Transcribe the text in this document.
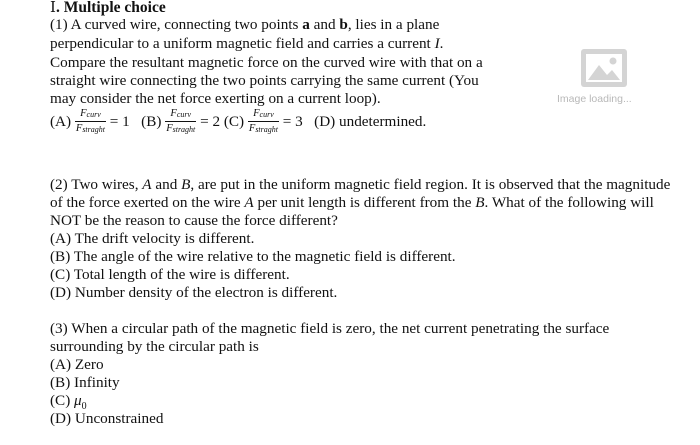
I. Multiple choice
(1) A curved wire, connecting two points a and b, lies in a plane
perpendicular to a uniform magnetic field and carries a current I.
Compare the resultant magnetic force on the curved wire with that on a
straight wire connecting the two points carrying the same current (You
may consider the net force exerting on a current loop).
$(A) \frac{F_{curv}}{F_{straght}} = 1$ $(B) \frac{F_{curv}}{F_{straght}} = 2$ $(C) \frac{F_{curv}}{F_{straght}} = 3$ (D) undetermined.
Image loading...
(2) Two wires, A and B, are put in the uniform magnetic field region. It is observed that the magnitude
of the force exerted on the wire A per unit length is different from the B. What of the following will
NOT be the reason to cause the force different?
(A) The drift velocity is different.
(B) The angle of the wire relative to the magnetic field is different.
(C) Total length of the wire is different.
(D) Number density of the electron is different.
(3) When a circular path of the magnetic field is zero, the net current penetrating the surface
surrounding by the circular path is
(A) Zero
(B) Infinity
(C) $\mu_0$
(D) Unconstrained
